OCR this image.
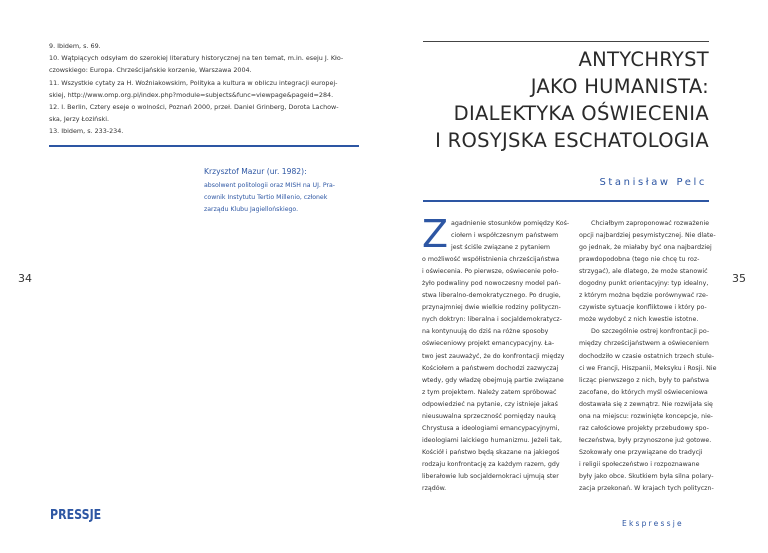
9. Ibidem, s. 69.
10. Wątpiących odsyłam do szerokiej literatury historycznej na ten temat, m.in. eseju J. Kło-
czowskiego: Europa. Chrześcijańskie korzenie, Warszawa 2004.
11. Wszystkie cytaty za H. Woźniakowskim, Polityka a kultura w obliczu integracji europej-
skiej, http://www.omp.org.pl/index.php?module=subjects&func=viewpage&pageid=284.
12. I. Berlin, Cztery eseje o wolności, Poznań 2000, przeł. Daniel Grinberg, Dorota Lachow-
ska, Jerzy Łoziński.
13. Ibidem, s. 233-234.
Krzysztof Mazur (ur. 1982):
absolwent politologii oraz MISH na UJ. Pra-
cownik Instytutu Tertio Millenio, członek
zarządu Klubu Jagiellońskiego.
34
PRESSJE
ANTYCHRYST
JAKO HUMANISTA:
DIALEKTYKA OŚWIECENIA
I ROSYJSKA ESCHATOLOGIA
Stanisław Pelc
Z agadnienie stosunków pomiędzy Koś-
ciołem i współczesnym państwem
jest ściśle związane z pytaniem
o możliwość współistnienia chrześcijaństwa
i oświecenia. Po pierwsze, oświecenie poło-
żyło podwaliny pod nowoczesny model pań-
stwa liberalno-demokratycznego. Po drugie,
przynajmniej dwie wielkie rodziny polityczn-
nych doktryn: liberalna i socjaldemokratycz-
na kontynuują do dziś na różne sposoby
oświeceniowy projekt emancypacyjny. Ła-
two jest zauważyć, że do konfrontacji między
Kościołem a państwem dochodzi zazwyczaj
wtedy, gdy władzę obejmują partie związane
z tym projektem. Należy zatem spróbować
odpowiedzieć na pytanie, czy istnieje jakaś
nieusuwalna sprzeczność pomiędzy nauką
Chrystusa a ideologiami emancypacyjnymi,
ideologiami laickiego humanizmu. Jeżeli tak,
Kościół i państwo będą skazane na jakiegoś
rodzaju konfrontację za każdym razem, gdy
liberałowie lub socjaldemokraci ujmują ster
rządów.
Chciałbym zaproponować rozważenie
opcji najbardziej pesymistycznej. Nie dlate-
go jednak, że miałaby być ona najbardziej
prawdopodobna (tego nie chcę tu roz-
strzygać), ale dlatego, że może stanowić
dogodny punkt orientacyjny: typ idealny,
z którym można będzie porównywać rze-
czywiste sytuacje konfliktowe i który po-
może wydobyć z nich kwestie istotne.
Do szczególnie ostrej konfrontacji po-
między chrześcijaństwem a oświeceniem
dochodziło w czasie ostatnich trzech stule-
ci we Francji, Hiszpanii, Meksyku i Rosji. Nie
licząc pierwszego z nich, były to państwa
zacofane, do których myśl oświeceniowa
dostawała się z zewnątrz. Nie rozwijała się
ona na miejscu: rozwinięte koncepcje, nie-
raz całościowe projekty przebudowy spo-
łeczeństwa, były przynoszone już gotowe.
Szokowały one przywiązane do tradycji
i religii społeczeństwo i rozpoznawane
były jako obce. Skutkiem była silna polary-
zacja przekonań. W krajach tych polityczn-
35
Ekspressje
